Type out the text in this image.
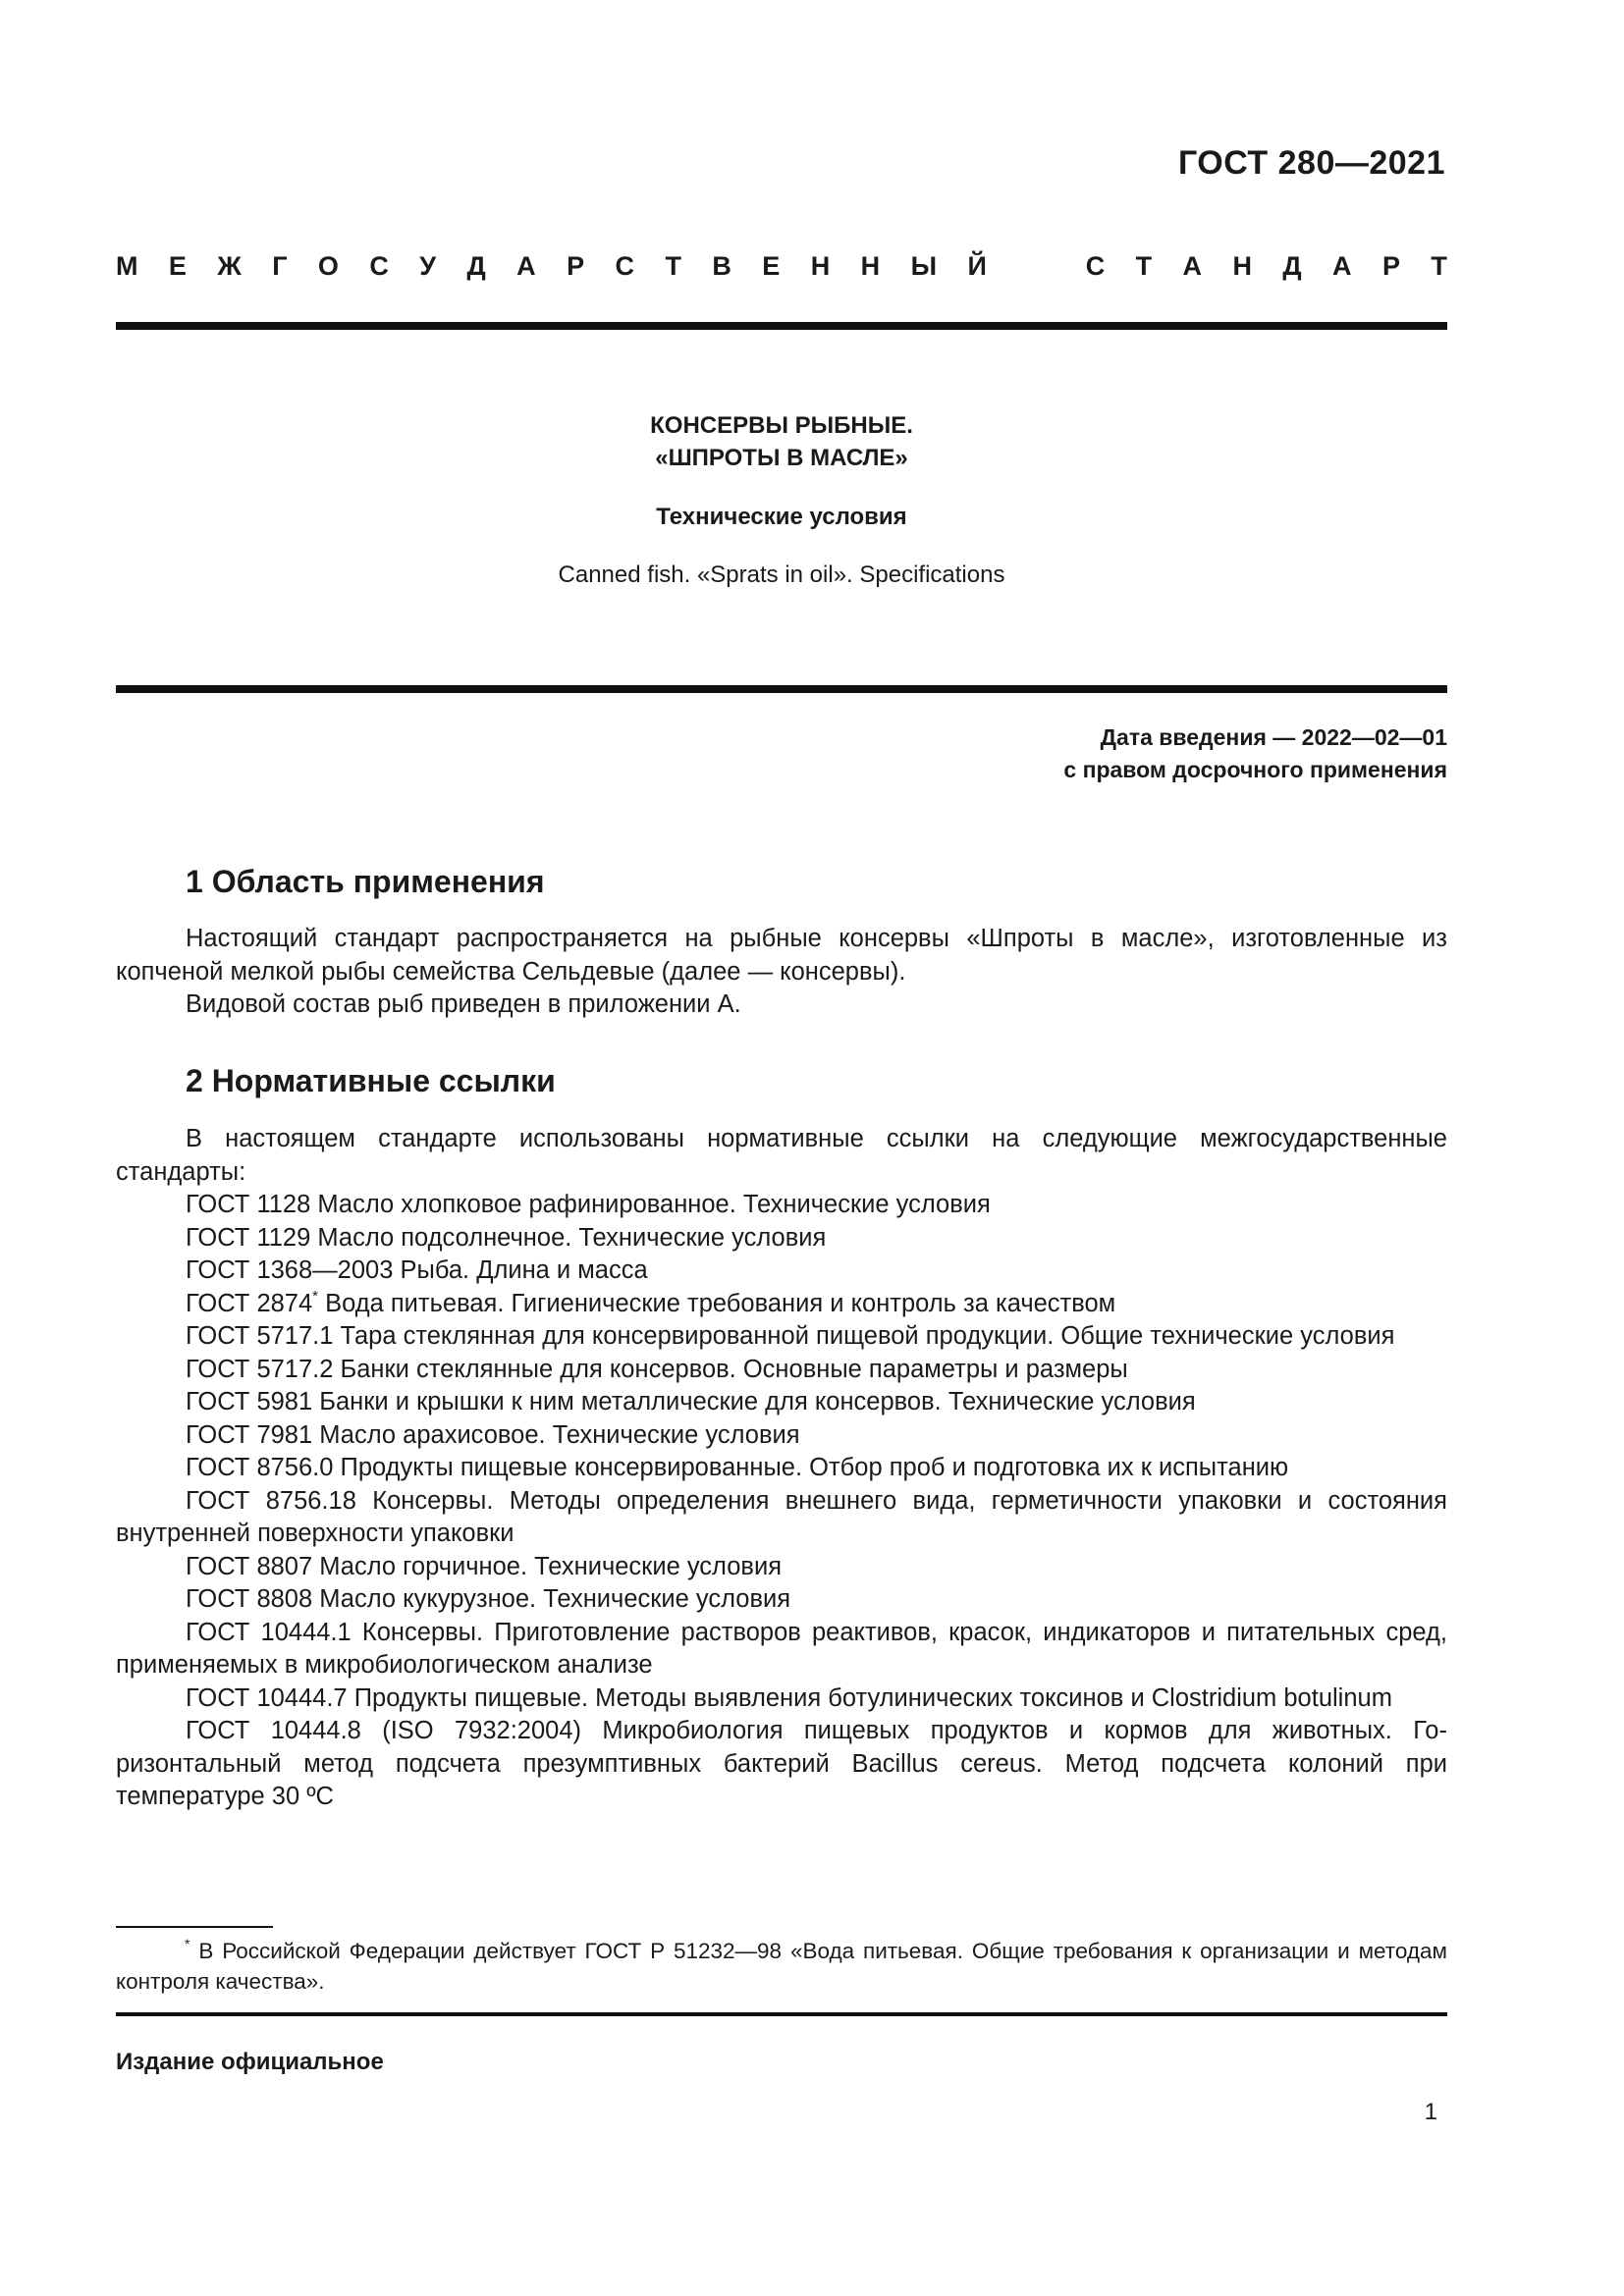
ГОСТ 280—2021
М Е Ж Г О С У Д А Р С Т В Е Н Н Ы Й	С Т А Н Д А Р Т
КОНСЕРВЫ РЫБНЫЕ.
«ШПРОТЫ В МАСЛЕ»
Технические условия
Canned fish. «Sprats in oil». Specifications
Дата введения — 2022—02—01
с правом досрочного применения
1 Область применения

Настоящий стандарт распространяется на рыбные консервы «Шпроты в масле», изготовленные из копченой мелкой рыбы семейства Сельдевые (далее — консервы).

Видовой состав рыб приведен в приложении А.

2 Нормативные ссылки

В настоящем стандарте использованы нормативные ссылки на следующие межгосударственные стандарты:

ГОСТ 1128 Масло хлопковое рафинированное. Технические условия

ГОСТ 1129 Масло подсолнечное. Технические условия

ГОСТ 1368—2003 Рыба. Длина и масса

ГОСТ 2874* Вода питьевая. Гигиенические требования и контроль за качеством

ГОСТ 5717.1 Тара стеклянная для консервированной пищевой продукции. Общие технические условия

ГОСТ 5717.2 Банки стеклянные для консервов. Основные параметры и размеры

ГОСТ 5981 Банки и крышки к ним металлические для консервов. Технические условия

ГОСТ 7981 Масло арахисовое. Технические условия

ГОСТ 8756.0 Продукты пищевые консервированные. Отбор проб и подготовка их к испытанию

ГОСТ 8756.18 Консервы. Методы определения внешнего вида, герметичности упаковки и состояния внутренней поверхности упаковки

ГОСТ 8807 Масло горчичное. Технические условия

ГОСТ 8808 Масло кукурузное. Технические условия

ГОСТ 10444.1 Консервы. Приготовление растворов реактивов, красок, индикаторов и питательных сред, применяемых в микробиологическом анализе

ГОСТ 10444.7 Продукты пищевые. Методы выявления ботулинических токсинов и Clostridium botulinum

ГОСТ 10444.8 (ISO 7932:2004) Микробиология пищевых продуктов и кормов для животных. Горизонтальный метод подсчета презумптивных бактерий Bacillus cereus. Метод подсчета колоний при температуре 30 ºC

* В Российской Федерации действует ГОСТ Р 51232—98 «Вода питьевая. Общие требования к организации и методам контроля качества».

Издание официальное
1
